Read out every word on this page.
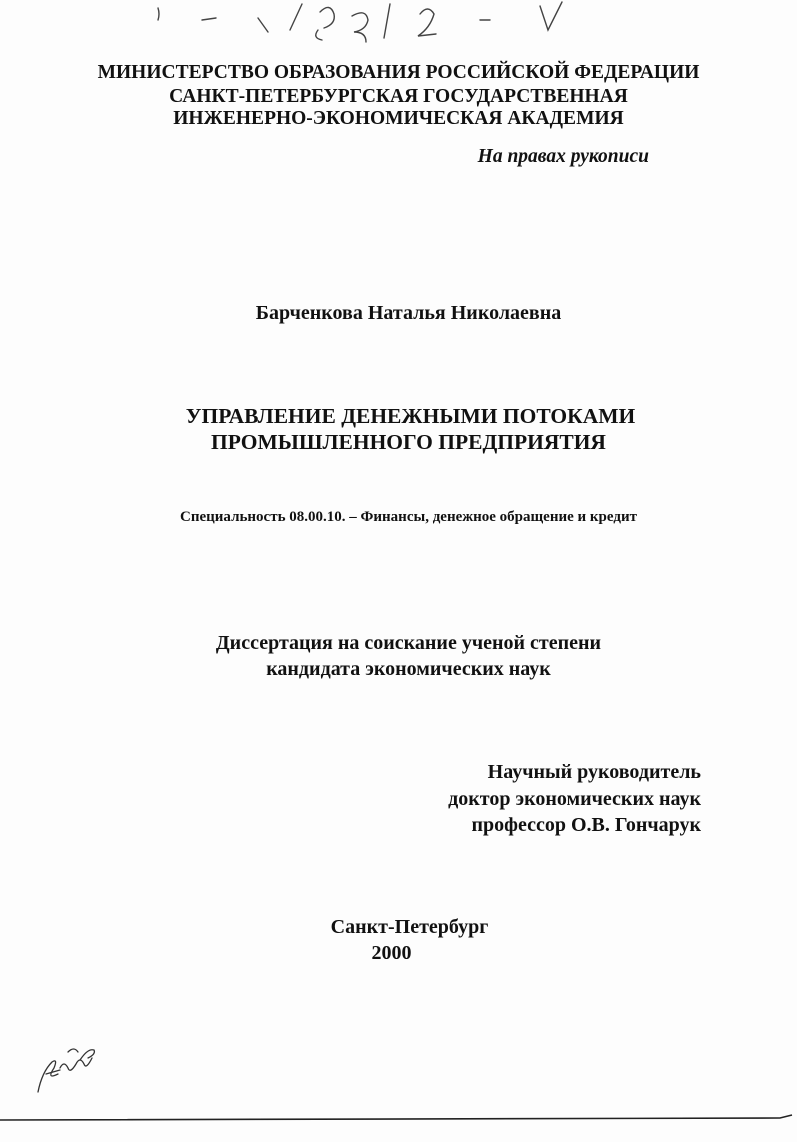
МИНИСТЕРСТВО ОБРАЗОВАНИЯ РОССИЙСКОЙ ФЕДЕРАЦИИ
САНКТ-ПЕТЕРБУРГСКАЯ ГОСУДАРСТВЕННАЯ
ИНЖЕНЕРНО-ЭКОНОМИЧЕСКАЯ АКАДЕМИЯ
На правах рукописи
Барченкова Наталья Николаевна
УПРАВЛЕНИЕ ДЕНЕЖНЫМИ ПОТОКАМИ
ПРОМЫШЛЕННОГО ПРЕДПРИЯТИЯ
Специальность 08.00.10. – Финансы, денежное обращение и кредит
Диссертация на соискание ученой степени
кандидата экономических наук
Научный руководитель
доктор экономических наук
профессор О.В. Гончарук
Санкт-Петербург
2000
